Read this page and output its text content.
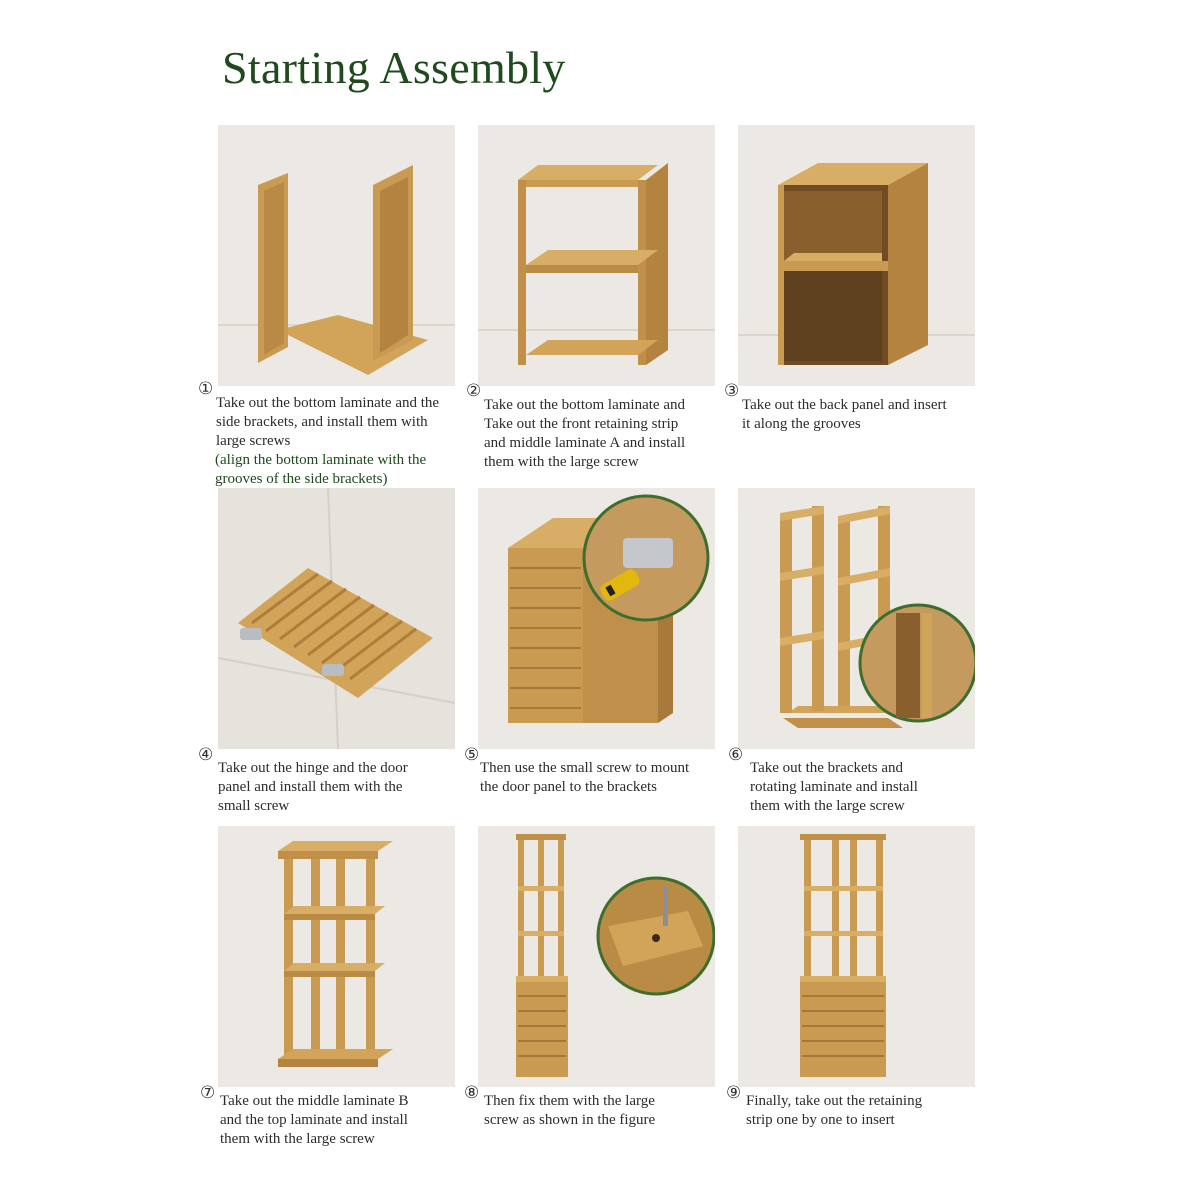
Starting Assembly
①
Take out the bottom laminate and the
side brackets, and install them with
large screws
(align the bottom laminate with the
grooves of the side brackets)
②
Take out the bottom laminate and
Take out the front retaining strip
and middle laminate A and install
them with the large screw
③
Take out the back panel and insert
it along the grooves
④
Take out the hinge and the door
panel and install them with the
small screw
⑤
Then use the small screw to mount
the door panel to the brackets
⑥
Take out the brackets and
rotating laminate and install
them with the large screw
⑦ Take out the middle laminate B
and the top laminate and install
them with the large screw
⑧ Then fix them with the large
screw as shown in the figure
⑨ Finally, take out the retaining
strip one by one to insert
